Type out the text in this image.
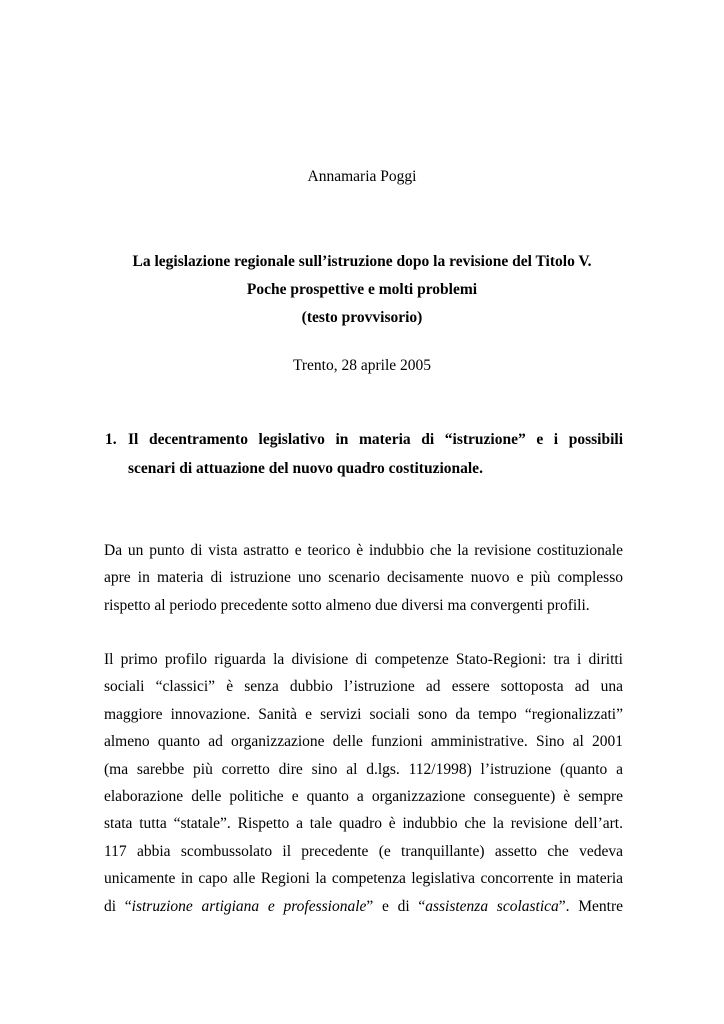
Annamaria Poggi
La legislazione regionale sull’istruzione dopo la revisione del Titolo V.
Poche prospettive e molti problemi
(testo provvisorio)
Trento, 28 aprile 2005
1. Il decentramento legislativo in materia di “istruzione” e i possibili
scenari di attuazione del nuovo quadro costituzionale.
Da un punto di vista astratto e teorico è indubbio che la revisione costituzionale
apre in materia di istruzione uno scenario decisamente nuovo e più complesso
rispetto al periodo precedente sotto almeno due diversi ma convergenti profili.
Il primo profilo riguarda la divisione di competenze Stato-Regioni: tra i diritti
sociali “classici” è senza dubbio l’istruzione ad essere sottoposta ad una
maggiore innovazione. Sanità e servizi sociali sono da tempo “regionalizzati”
almeno quanto ad organizzazione delle funzioni amministrative. Sino al 2001
(ma sarebbe più corretto dire sino al d.lgs. 112/1998) l’istruzione (quanto a
elaborazione delle politiche e quanto a organizzazione conseguente) è sempre
stata tutta “statale”. Rispetto a tale quadro è indubbio che la revisione dell’art.
117 abbia scombussolato il precedente (e tranquillante) assetto che vedeva
unicamente in capo alle Regioni la competenza legislativa concorrente in materia
di “istruzione artigiana e professionale” e di “assistenza scolastica”. Mentre
